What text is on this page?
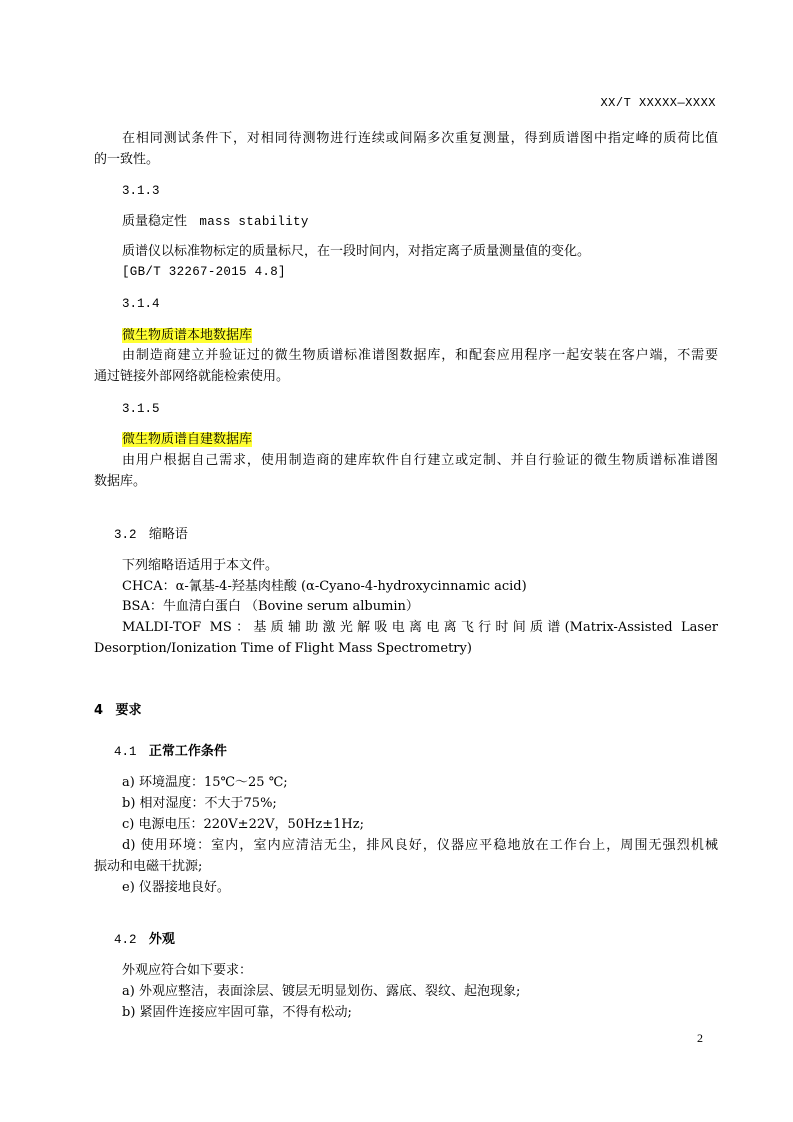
XX/T XXXXX—XXXX
在相同测试条件下，对相同待测物进行连续或间隔多次重复测量，得到质谱图中指定峰的质荷比值
的一致性。
3.1.3
质量稳定性 mass stability
质谱仪以标准物标定的质量标尺，在一段时间内，对指定离子质量测量值的变化。
[GB/T 32267-2015 4.8]
3.1.4
微生物质谱本地数据库
由制造商建立并验证过的微生物质谱标准谱图数据库，和配套应用程序一起安装在客户端，不需要
通过链接外部网络就能检索使用。
3.1.5
微生物质谱自建数据库
由用户根据自己需求，使用制造商的建库软件自行建立或定制、并自行验证的微生物质谱标准谱图
数据库。
3.2 缩略语
下列缩略语适用于本文件。
CHCA：α-氰基-4-羟基肉桂酸 (α-Cyano-4-hydroxycinnamic acid)
BSA：牛血清白蛋白 （Bovine serum albumin）
MALDI-TOF MS：基质辅助激光解吸电离电离飞行时间质谱(Matrix-Assisted Laser
Desorption/Ionization Time of Flight Mass Spectrometry)
4 要求
4.1 正常工作条件
a) 环境温度：15℃～25 ℃;
b) 相对湿度：不大于75%;
c) 电源电压：220V±22V，50Hz±1Hz;
d) 使用环境：室内，室内应清洁无尘，排风良好，仪器应平稳地放在工作台上，周围无强烈机械
振动和电磁干扰源;
e) 仪器接地良好。
4.2 外观
外观应符合如下要求：
a) 外观应整洁，表面涂层、镀层无明显划伤、露底、裂纹、起泡现象;
b) 紧固件连接应牢固可靠，不得有松动;
2
